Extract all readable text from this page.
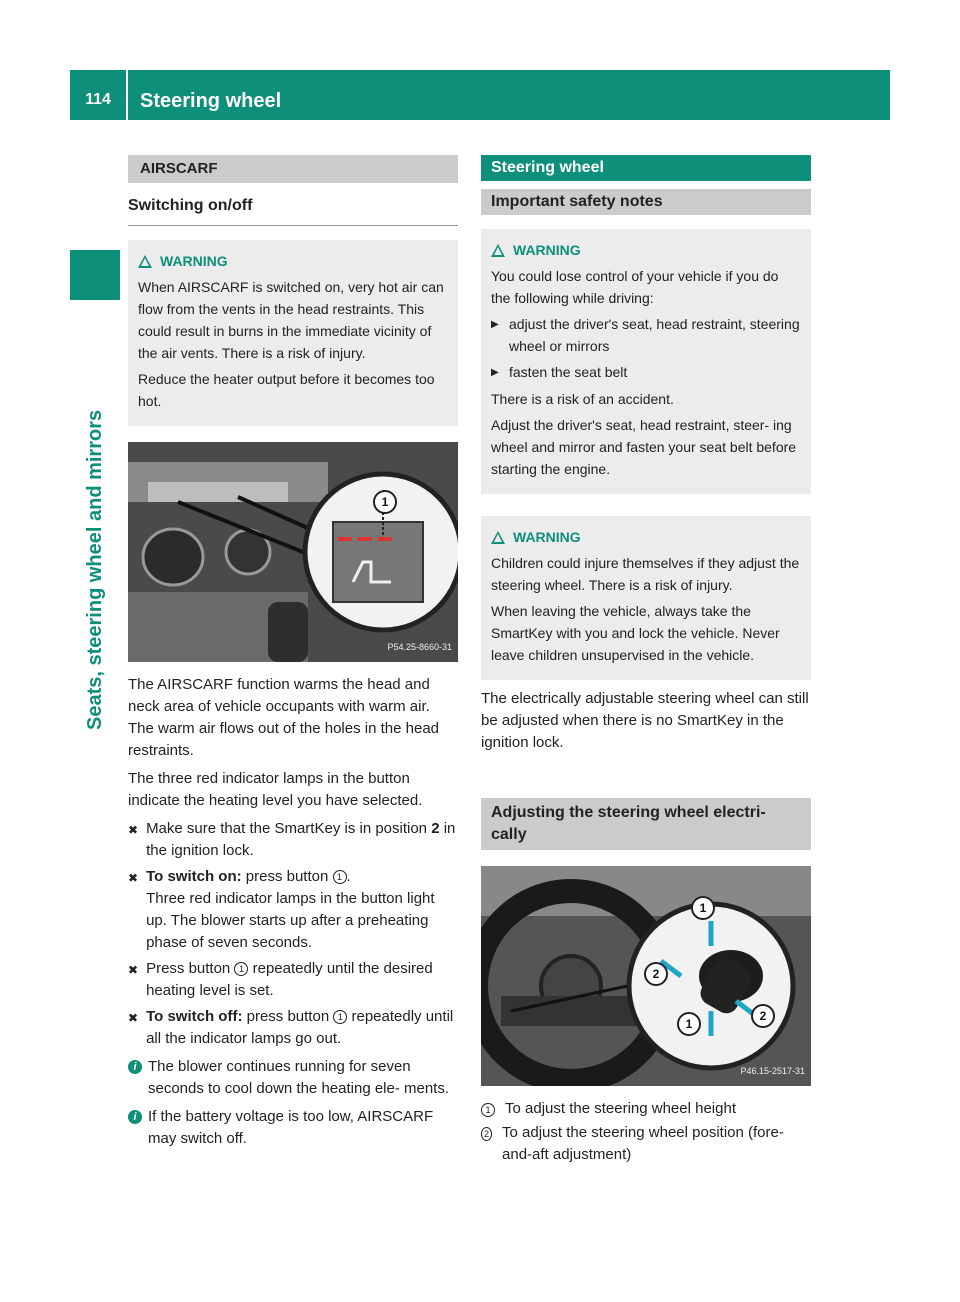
114	Steering wheel
Seats, steering wheel and mirrors
AIRSCARF
Switching on/off
WARNING

When AIRSCARF is switched on, very hot air can flow from the vents in the head restraints. This could result in burns in the immediate vicinity of the air vents. There is a risk of injury.

Reduce the heater output before it becomes too hot.

1
P54.25-8660-31

The AIRSCARF function warms the head and neck area of vehicle occupants with warm air. The warm air flows out of the holes in the head restraints.

The three red indicator lamps in the button indicate the heating level you have selected.

✖ Make sure that the SmartKey is in position 2 in the ignition lock.
✖ To switch on: press button 1 .
Three red indicator lamps in the button light up. The blower starts up after a preheating phase of seven seconds.
✖ Press button 1 repeatedly until the desired heating level is set.
✖ To switch off: press button 1 repeatedly until all the indicator lamps go out.
i The blower continues running for seven seconds to cool down the heating ele- ments.
i If the battery voltage is too low, AIRSCARF may switch off.
Steering wheel
Important safety notes
WARNING

You could lose control of your vehicle if you do the following while driving:

▶ adjust the driver's seat, head restraint, steering wheel or mirrors
▶ fasten the seat belt

There is a risk of an accident.

Adjust the driver's seat, head restraint, steer- ing wheel and mirror and fasten your seat belt before starting the engine.

WARNING

Children could injure themselves if they adjust the steering wheel. There is a risk of injury.

When leaving the vehicle, always take the SmartKey with you and lock the vehicle. Never leave children unsupervised in the vehicle.

The electrically adjustable steering wheel can still be adjusted when there is no SmartKey in the ignition lock.

Adjusting the steering wheel electri- cally
1
2
1
2
P46.15-2517-31
1 To adjust the steering wheel height
2 To adjust the steering wheel position (fore-and-aft adjustment)
